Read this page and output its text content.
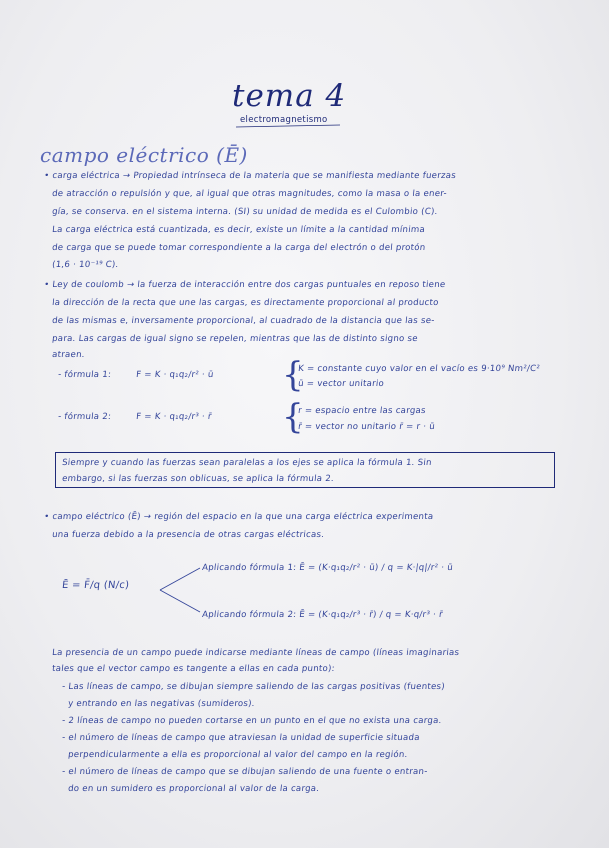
tema 4
electromagnetismo
campo eléctrico (Ē)
• carga eléctrica → Propiedad intrínseca de la materia que se manifiesta mediante fuerzas
de atracción o repulsión y que, al igual que otras magnitudes, como la masa o la ener-
gía, se conserva. en el sistema interna. (SI) su unidad de medida es el Culombio (C).
La carga eléctrica está cuantizada, es decir, existe un límite a la cantidad mínima
de carga que se puede tomar correspondiente a la carga del electrón o del protón
(1,6 · 10⁻¹⁹ C).
• Ley de coulomb → la fuerza de interacción entre dos cargas puntuales en reposo tiene
la dirección de la recta que une las cargas, es directamente proporcional al producto
de las mismas e, inversamente proporcional, al cuadrado de la distancia que las se-
para. Las cargas de igual signo se repelen, mientras que las de distinto signo se
atraen.
- fórmula 1:	F = K · q₁q₂/r² · ū {
K = constante cuyo valor en el vacío es 9·10⁹ Nm²/C²
ū = vector unitario
- fórmula 2:	F = K · q₁q₂/r³ · r̄ {
r = espacio entre las cargas
r̄ = vector no unitario r̄ = r · ū
Siempre y cuando las fuerzas sean paralelas a los ejes se aplica la fórmula 1. Sin
embargo, si las fuerzas son oblicuas, se aplica la fórmula 2.
• campo eléctrico (Ē) → región del espacio en la que una carga eléctrica experimenta
una fuerza debido a la presencia de otras cargas eléctricas.
Ē = F̄/q (N/c)
Aplicando fórmula 1: Ē = (K·q₁q₂/r² · ū) / q = K·|q|/r² · ū
Aplicando fórmula 2: Ē = (K·q₁q₂/r³ · r̄) / q = K·q/r³ · r̄
La presencia de un campo puede indicarse mediante líneas de campo (líneas imaginarias
tales que el vector campo es tangente a ellas en cada punto):
- Las líneas de campo, se dibujan siempre saliendo de las cargas positivas (fuentes)
y entrando en las negativas (sumideros).
- 2 líneas de campo no pueden cortarse en un punto en el que no exista una carga.
- el número de líneas de campo que atraviesan la unidad de superficie situada
perpendicularmente a ella es proporcional al valor del campo en la región.
- el número de líneas de campo que se dibujan saliendo de una fuente o entran-
do en un sumidero es proporcional al valor de la carga.
